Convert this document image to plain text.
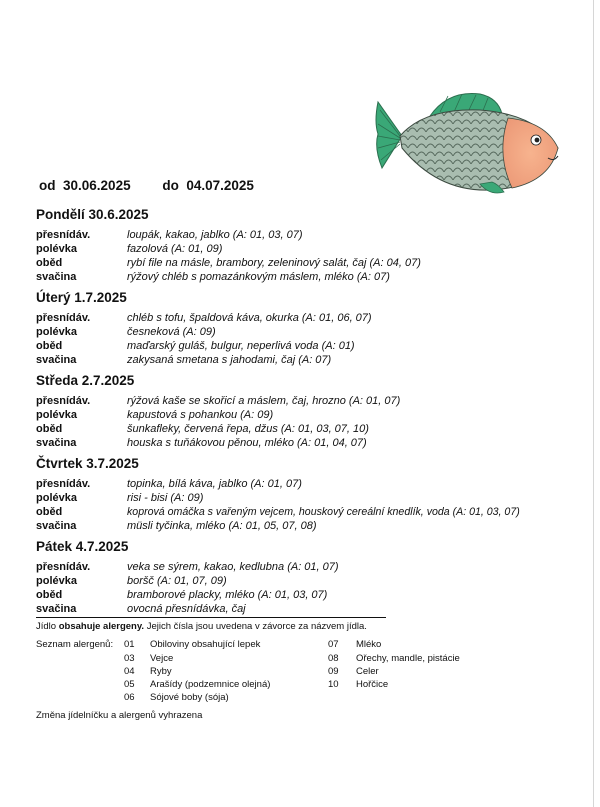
od 30.06.2025 do 04.07.2025
Pondělí 30.6.2025
přesnídáv.	loupák, kakao, jablko (A: 01, 03, 07)
polévka	fazolová (A: 01, 09)
oběd	rybí file na másle, brambory, zeleninový salát, čaj (A: 04, 07)
svačina	rýžový chléb s pomazánkovým máslem, mléko (A: 07)
Úterý 1.7.2025
přesnídáv.	chléb s tofu, špaldová káva, okurka (A: 01, 06, 07)
polévka	česneková (A: 09)
oběd	maďarský guláš, bulgur, neperlivá voda (A: 01)
svačina	zakysaná smetana s jahodami, čaj (A: 07)
Středa 2.7.2025
přesnídáv.	rýžová kaše se skořicí a máslem, čaj, hrozno (A: 01, 07)
polévka	kapustová s pohankou (A: 09)
oběd	šunkafleky, červená řepa, džus (A: 01, 03, 07, 10)
svačina	houska s tuňákovou pěnou, mléko (A: 01, 04, 07)
Čtvrtek 3.7.2025
přesnídáv.	topinka, bílá káva, jablko (A: 01, 07)
polévka	risi - bisi (A: 09)
oběd	koprová omáčka s vařeným vejcem, houskový cereální knedlík, voda (A: 01, 03, 07)
svačina	müsli tyčinka, mléko (A: 01, 05, 07, 08)
Pátek 4.7.2025
přesnídáv.	veka se sýrem, kakao, kedlubna (A: 01, 07)
polévka	boršč (A: 01, 07, 09)
oběd	bramborové placky, mléko (A: 01, 03, 07)
svačina	ovocná přesnídávka, čaj
Jídlo obsahuje alergeny. Jejich čísla jsou uvedena v závorce za názvem jídla.
Seznam alergenů: 01 Obiloviny obsahující lepek
03 Vejce
04 Ryby
05 Arašídy (podzemnice olejná)
06 Sójové boby (sója)
07 Mléko
08 Ořechy, mandle, pistácie
09 Celer
10 Hořčice
Změna jídelníčku a alergenů vyhrazena
